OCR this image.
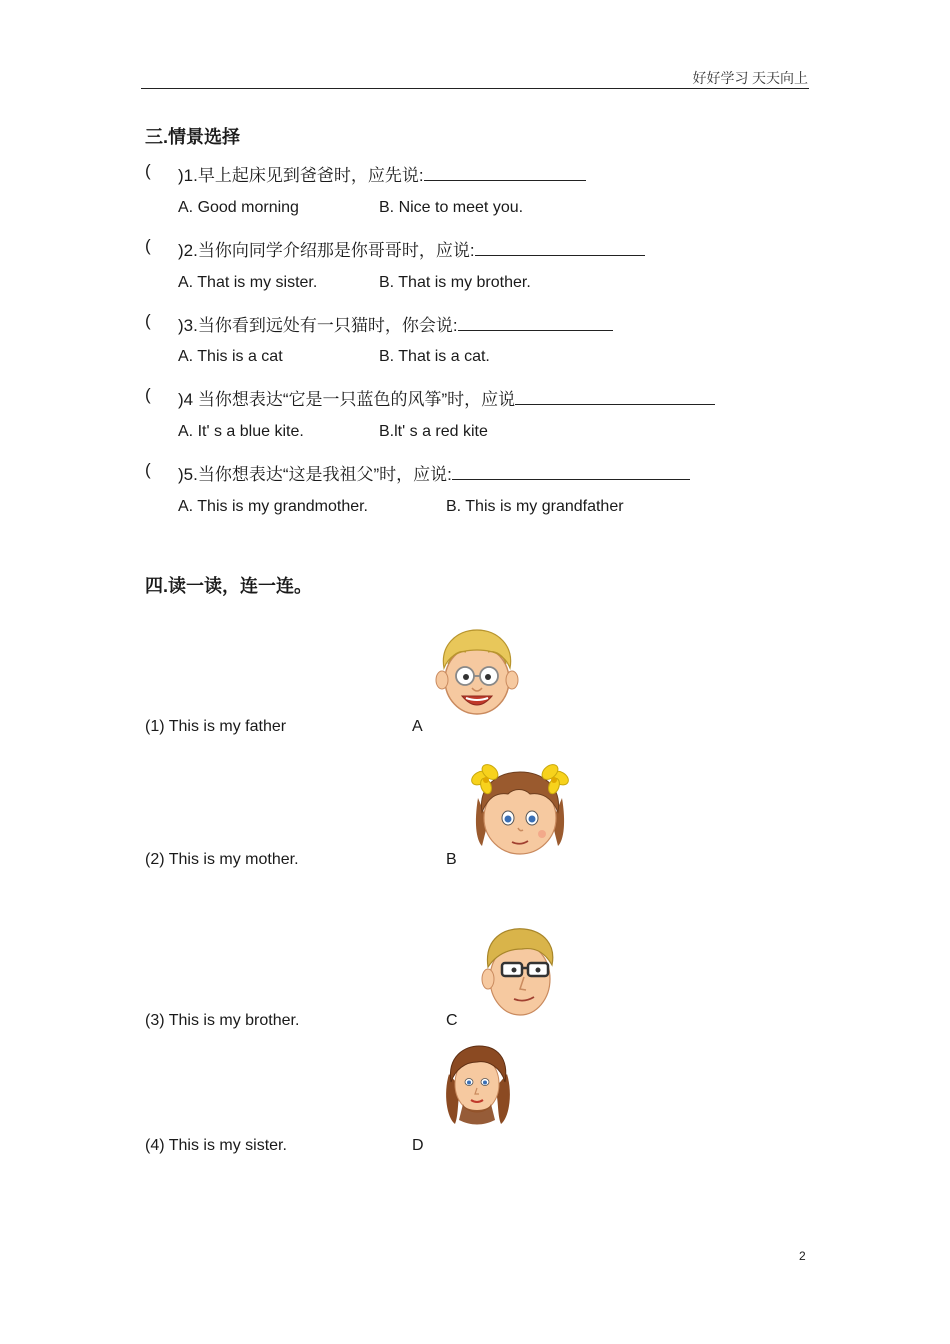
好好学习 天天向上
三.情景选择
( )1.早上起床见到爸爸时，应先说:
A. Good morning	B. Nice to meet you.
( )2.当你向同学介绍那是你哥哥时，应说:
A. That is my sister.	B. That is my brother.
( )3.当你看到远处有一只猫时，你会说:
A. This is a cat	B. That is a cat.
( )4 当你想表达“它是一只蓝色的风筝”时，应说
A. It' s a blue kite.	B.lt' s a red kite
( )5.当你想表达“这是我祖父”时，应说:
A. This is my grandmother.	B. This is my grandfather
四.读一读，连一连。
(1) This is my father	A
(2) This is my mother.	B
(3) This is my brother.	C
(4) This is my sister.	D
2
